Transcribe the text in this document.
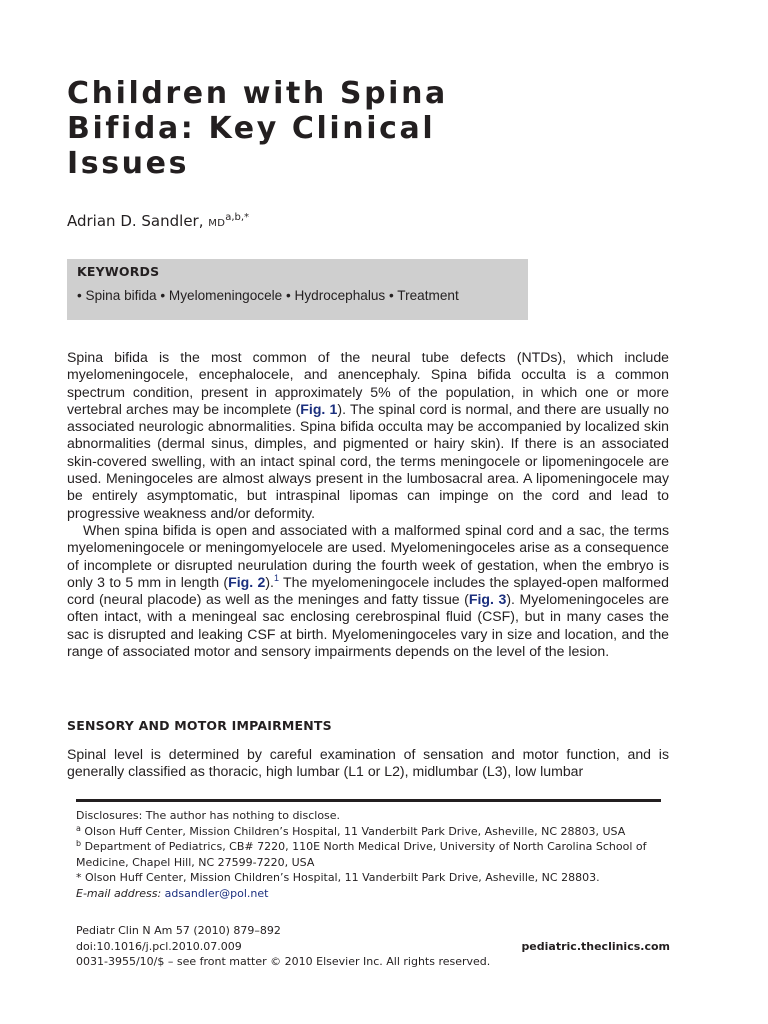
Children with Spina
Bifida: Key Clinical
Issues
Adrian D. Sandler, $MD^{a,b,*}$
KEYWORDS
• Spina bifida • Myelomeningocele • Hydrocephalus • Treatment

Spina bifida is the most common of the neural tube defects (NTDs), which include myelomeningocele, encephalocele, and anencephaly. Spina bifida occulta is a common spectrum condition, present in approximately 5% of the population, in which one or more vertebral arches may be incomplete (Fig. 1). The spinal cord is normal, and there are usually no associated neurologic abnormalities. Spina bifida occulta may be accompanied by localized skin abnormalities (dermal sinus, dimples, and pigmented or hairy skin). If there is an associated skin-covered swelling, with an intact spinal cord, the terms meningocele or lipomeningocele are used. Meningoceles are almost always present in the lumbosacral area. A lipomeningocele may be entirely asymptomatic, but intraspinal lipomas can impinge on the cord and lead to progressive weakness and/or deformity.

When spina bifida is open and associated with a malformed spinal cord and a sac, the terms myelomeningocele or meningomyelocele are used. Myelomeningoceles arise as a consequence of incomplete or disrupted neurulation during the fourth week of gestation, when the embryo is only 3 to 5 mm in length (Fig. 2).$^1$ The myelomeningocele includes the splayed-open malformed cord (neural placode) as well as the meninges and fatty tissue (Fig. 3). Myelomeningoceles are often intact, with a meningeal sac enclosing cerebrospinal fluid (CSF), but in many cases the sac is disrupted and leaking CSF at birth. Myelomeningoceles vary in size and location, and the range of associated motor and sensory impairments depends on the level of the lesion.

SENSORY AND MOTOR IMPAIRMENTS

Spinal level is determined by careful examination of sensation and motor function, and is generally classified as thoracic, high lumbar (L1 or L2), midlumbar (L3), low lumbar

Disclosures: The author has nothing to disclose.
$^a$ Olson Huff Center, Mission Children’s Hospital, 11 Vanderbilt Park Drive, Asheville, NC 28803, USA
$^b$ Department of Pediatrics, CB# 7220, 110E North Medical Drive, University of North Carolina School of Medicine, Chapel Hill, NC 27599-7220, USA
* Olson Huff Center, Mission Children’s Hospital, 11 Vanderbilt Park Drive, Asheville, NC 28803.
E-mail address: adsandler@pol.net
Pediatr Clin N Am 57 (2010) 879–892
doi:10.1016/j.pcl.2010.07.009	pediatric.theclinics.com
0031-3955/10/$ – see front matter © 2010 Elsevier Inc. All rights reserved.
